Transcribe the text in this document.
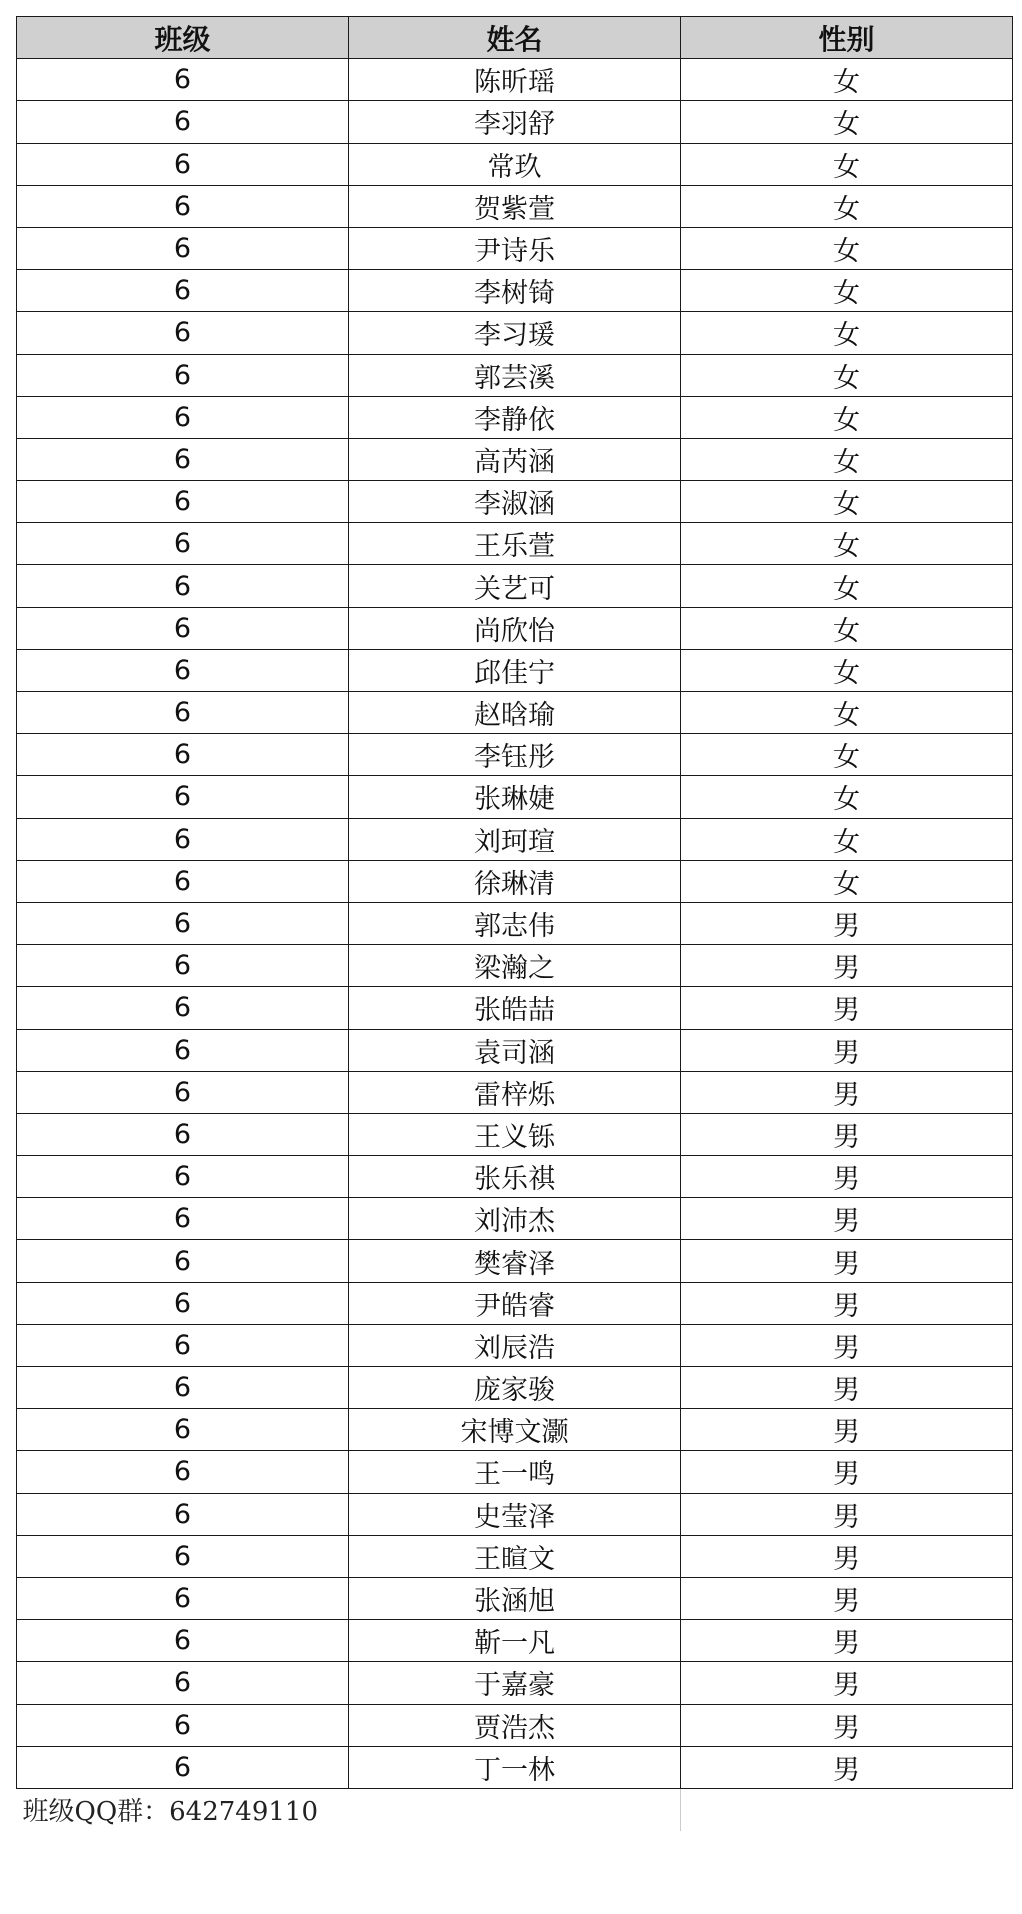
班级	姓名	性别
6	陈昕瑶	女
6	李羽舒	女
6	常玖	女
6	贺紫萱	女
6	尹诗乐	女
6	李树锜	女
6	李习瑗	女
6	郭芸溪	女
6	李静依	女
6	高芮涵	女
6	李淑涵	女
6	王乐萱	女
6	关艺可	女
6	尚欣怡	女
6	邱佳宁	女
6	赵晗瑜	女
6	李钰彤	女
6	张琳婕	女
6	刘珂瑄	女
6	徐琳清	女
6	郭志伟	男
6	梁瀚之	男
6	张皓喆	男
6	袁司涵	男
6	雷梓烁	男
6	王义铄	男
6	张乐祺	男
6	刘沛杰	男
6	樊睿泽	男
6	尹皓睿	男
6	刘辰浩	男
6	庞家骏	男
6	宋博文灏	男
6	王一鸣	男
6	史莹泽	男
6	王暄文	男
6	张涵旭	男
6	靳一凡	男
6	于嘉豪	男
6	贾浩杰	男
6	丁一林	男
班级QQ群：642749110		
